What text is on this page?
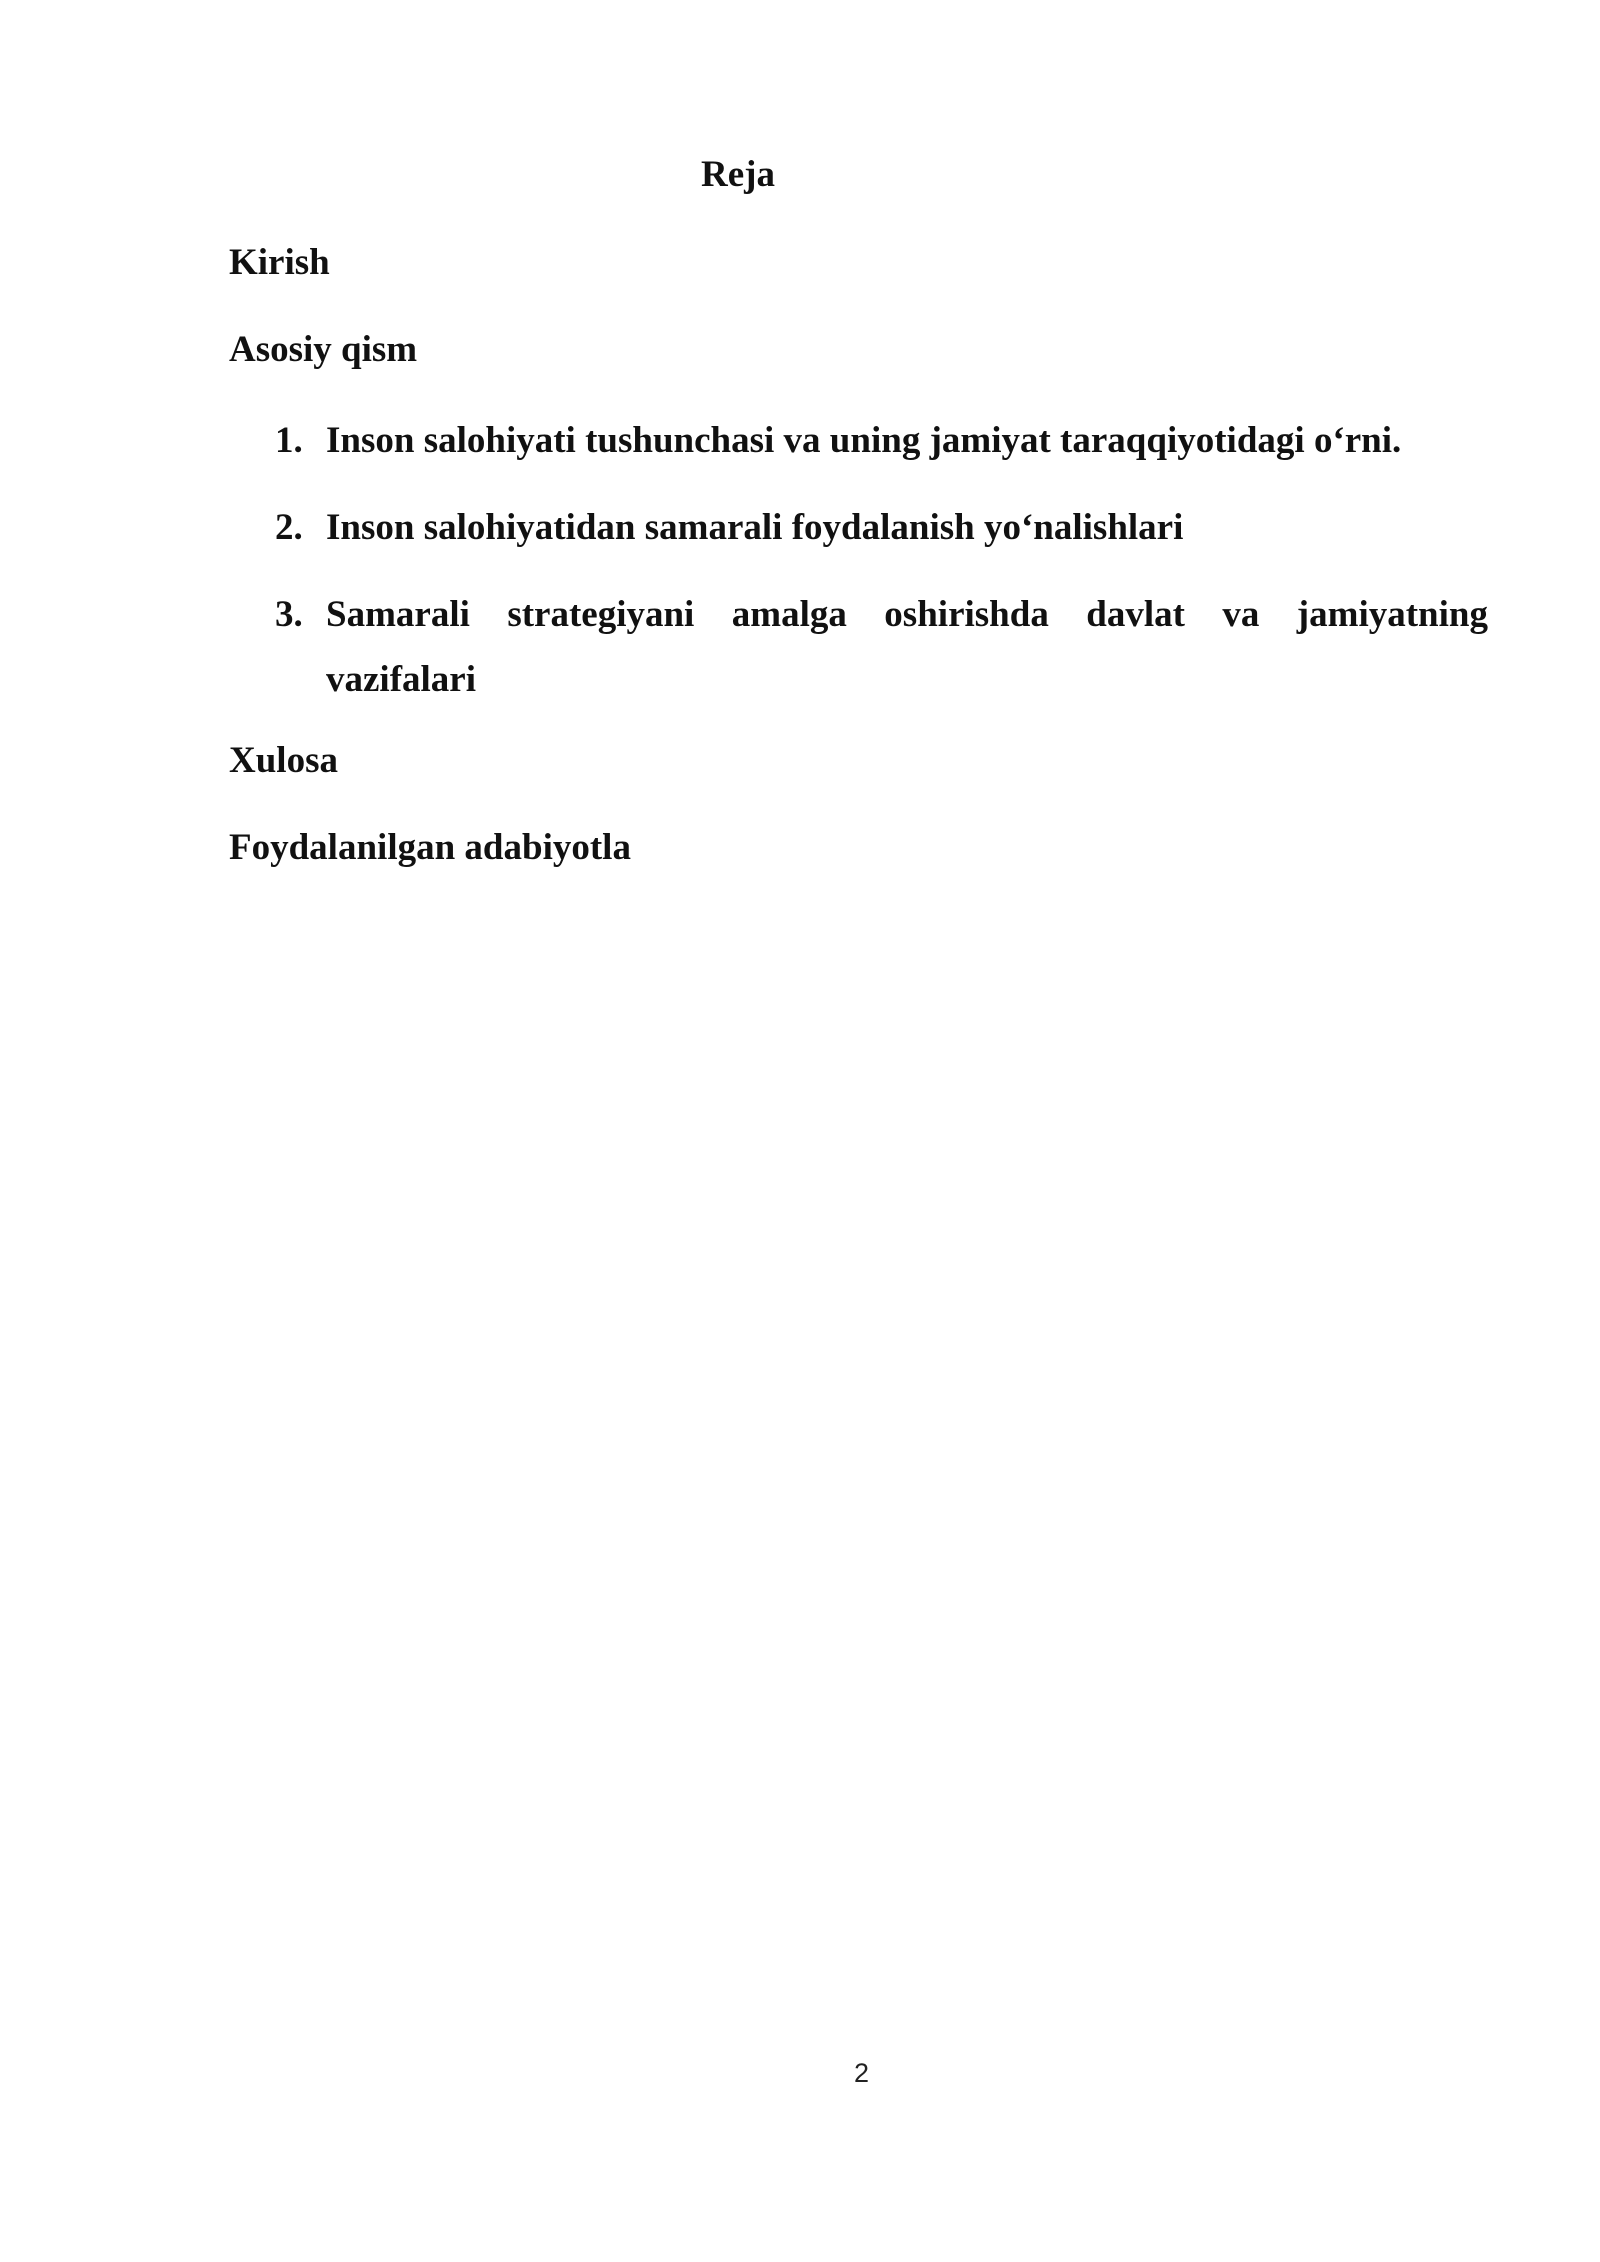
Reja

Kirish

Asosiy qism

1. Inson salohiyati tushunchasi va uning jamiyat taraqqiyotidagi o‘rni.
2. Inson salohiyatidan samarali foydalanish yo‘nalishlari
3. Samarali strategiyani amalga oshirishda davlat va jamiyatning vazifalari

Xulosa

Foydalanilgan adabiyotla

2
